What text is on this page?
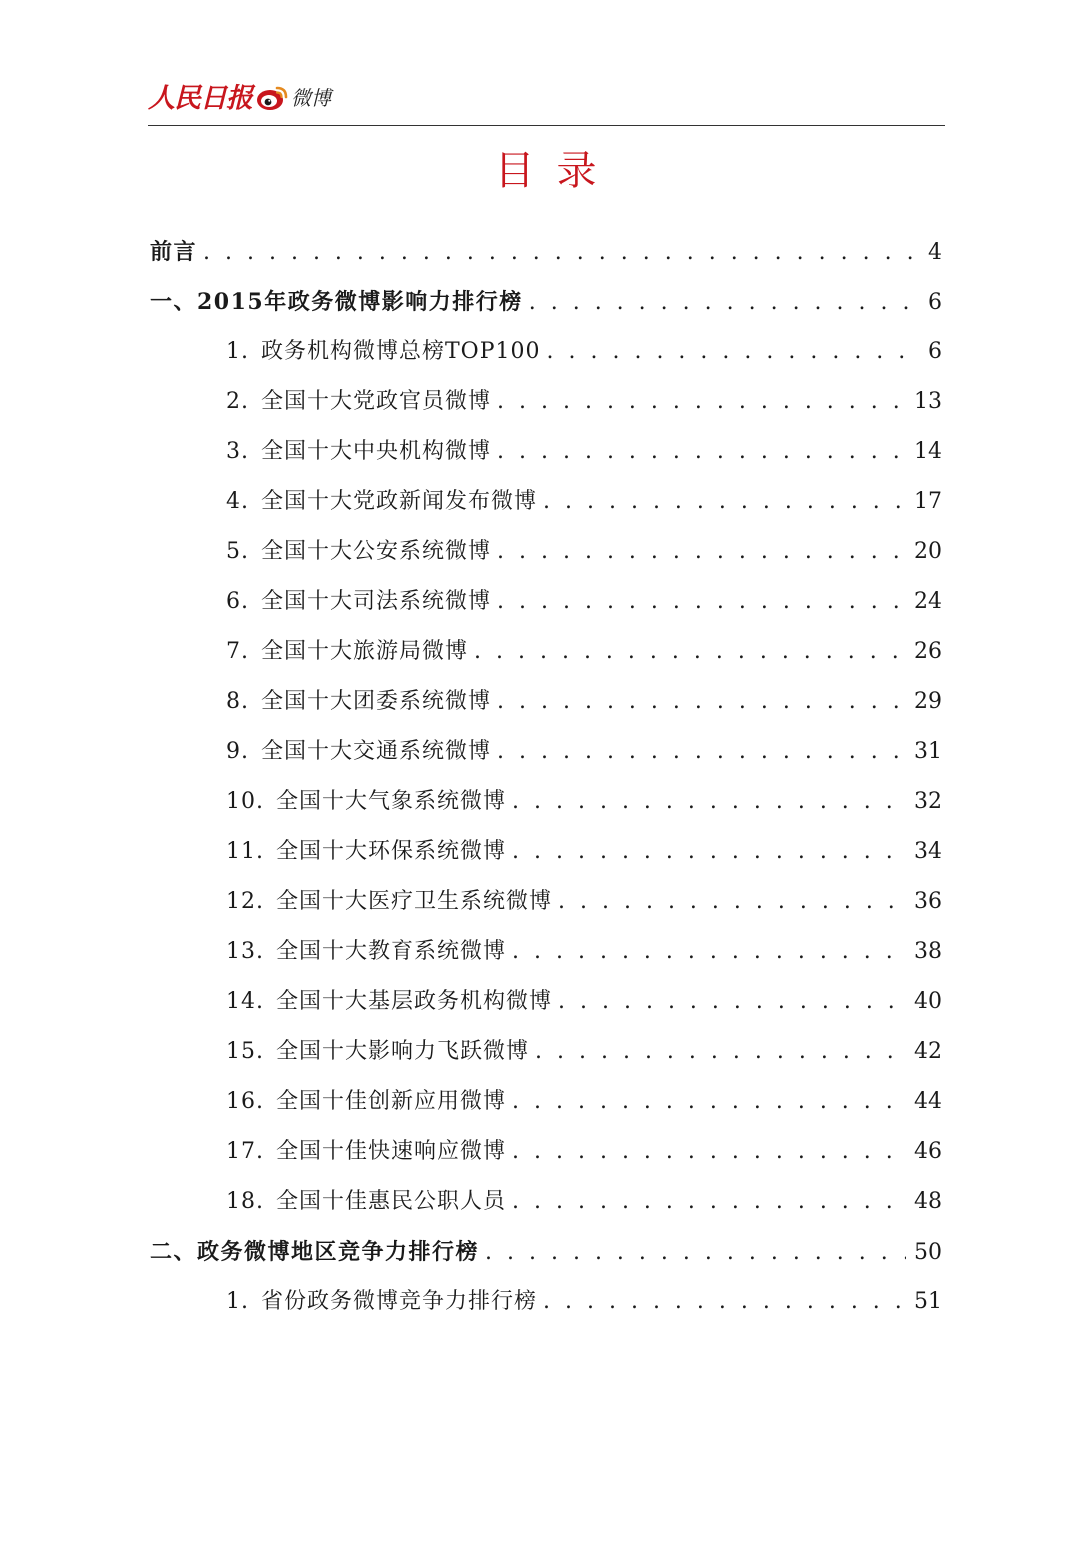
人民日报 微博
目录
前言 . . .	4
一、2015年政务微博影响力排行榜 . . .	6
1. 政务机构微博总榜TOP100 . . .	6
2. 全国十大党政官员微博 . . .	13
3. 全国十大中央机构微博 . . .	14
4. 全国十大党政新闻发布微博 . . .	17
5. 全国十大公安系统微博 . . .	20
6. 全国十大司法系统微博 . . .	24
7. 全国十大旅游局微博 . . .	26
8. 全国十大团委系统微博 . . .	29
9. 全国十大交通系统微博 . . .	31
10. 全国十大气象系统微博 . . .	32
11. 全国十大环保系统微博 . . .	34
12. 全国十大医疗卫生系统微博 . . .	36
13. 全国十大教育系统微博 . . .	38
14. 全国十大基层政务机构微博 . . .	40
15. 全国十大影响力飞跃微博 . . .	42
16. 全国十佳创新应用微博 . . .	44
17. 全国十佳快速响应微博 . . .	46
18. 全国十佳惠民公职人员 . . .	48
二、政务微博地区竞争力排行榜 . . .	50
1. 省份政务微博竞争力排行榜 . . .	51
